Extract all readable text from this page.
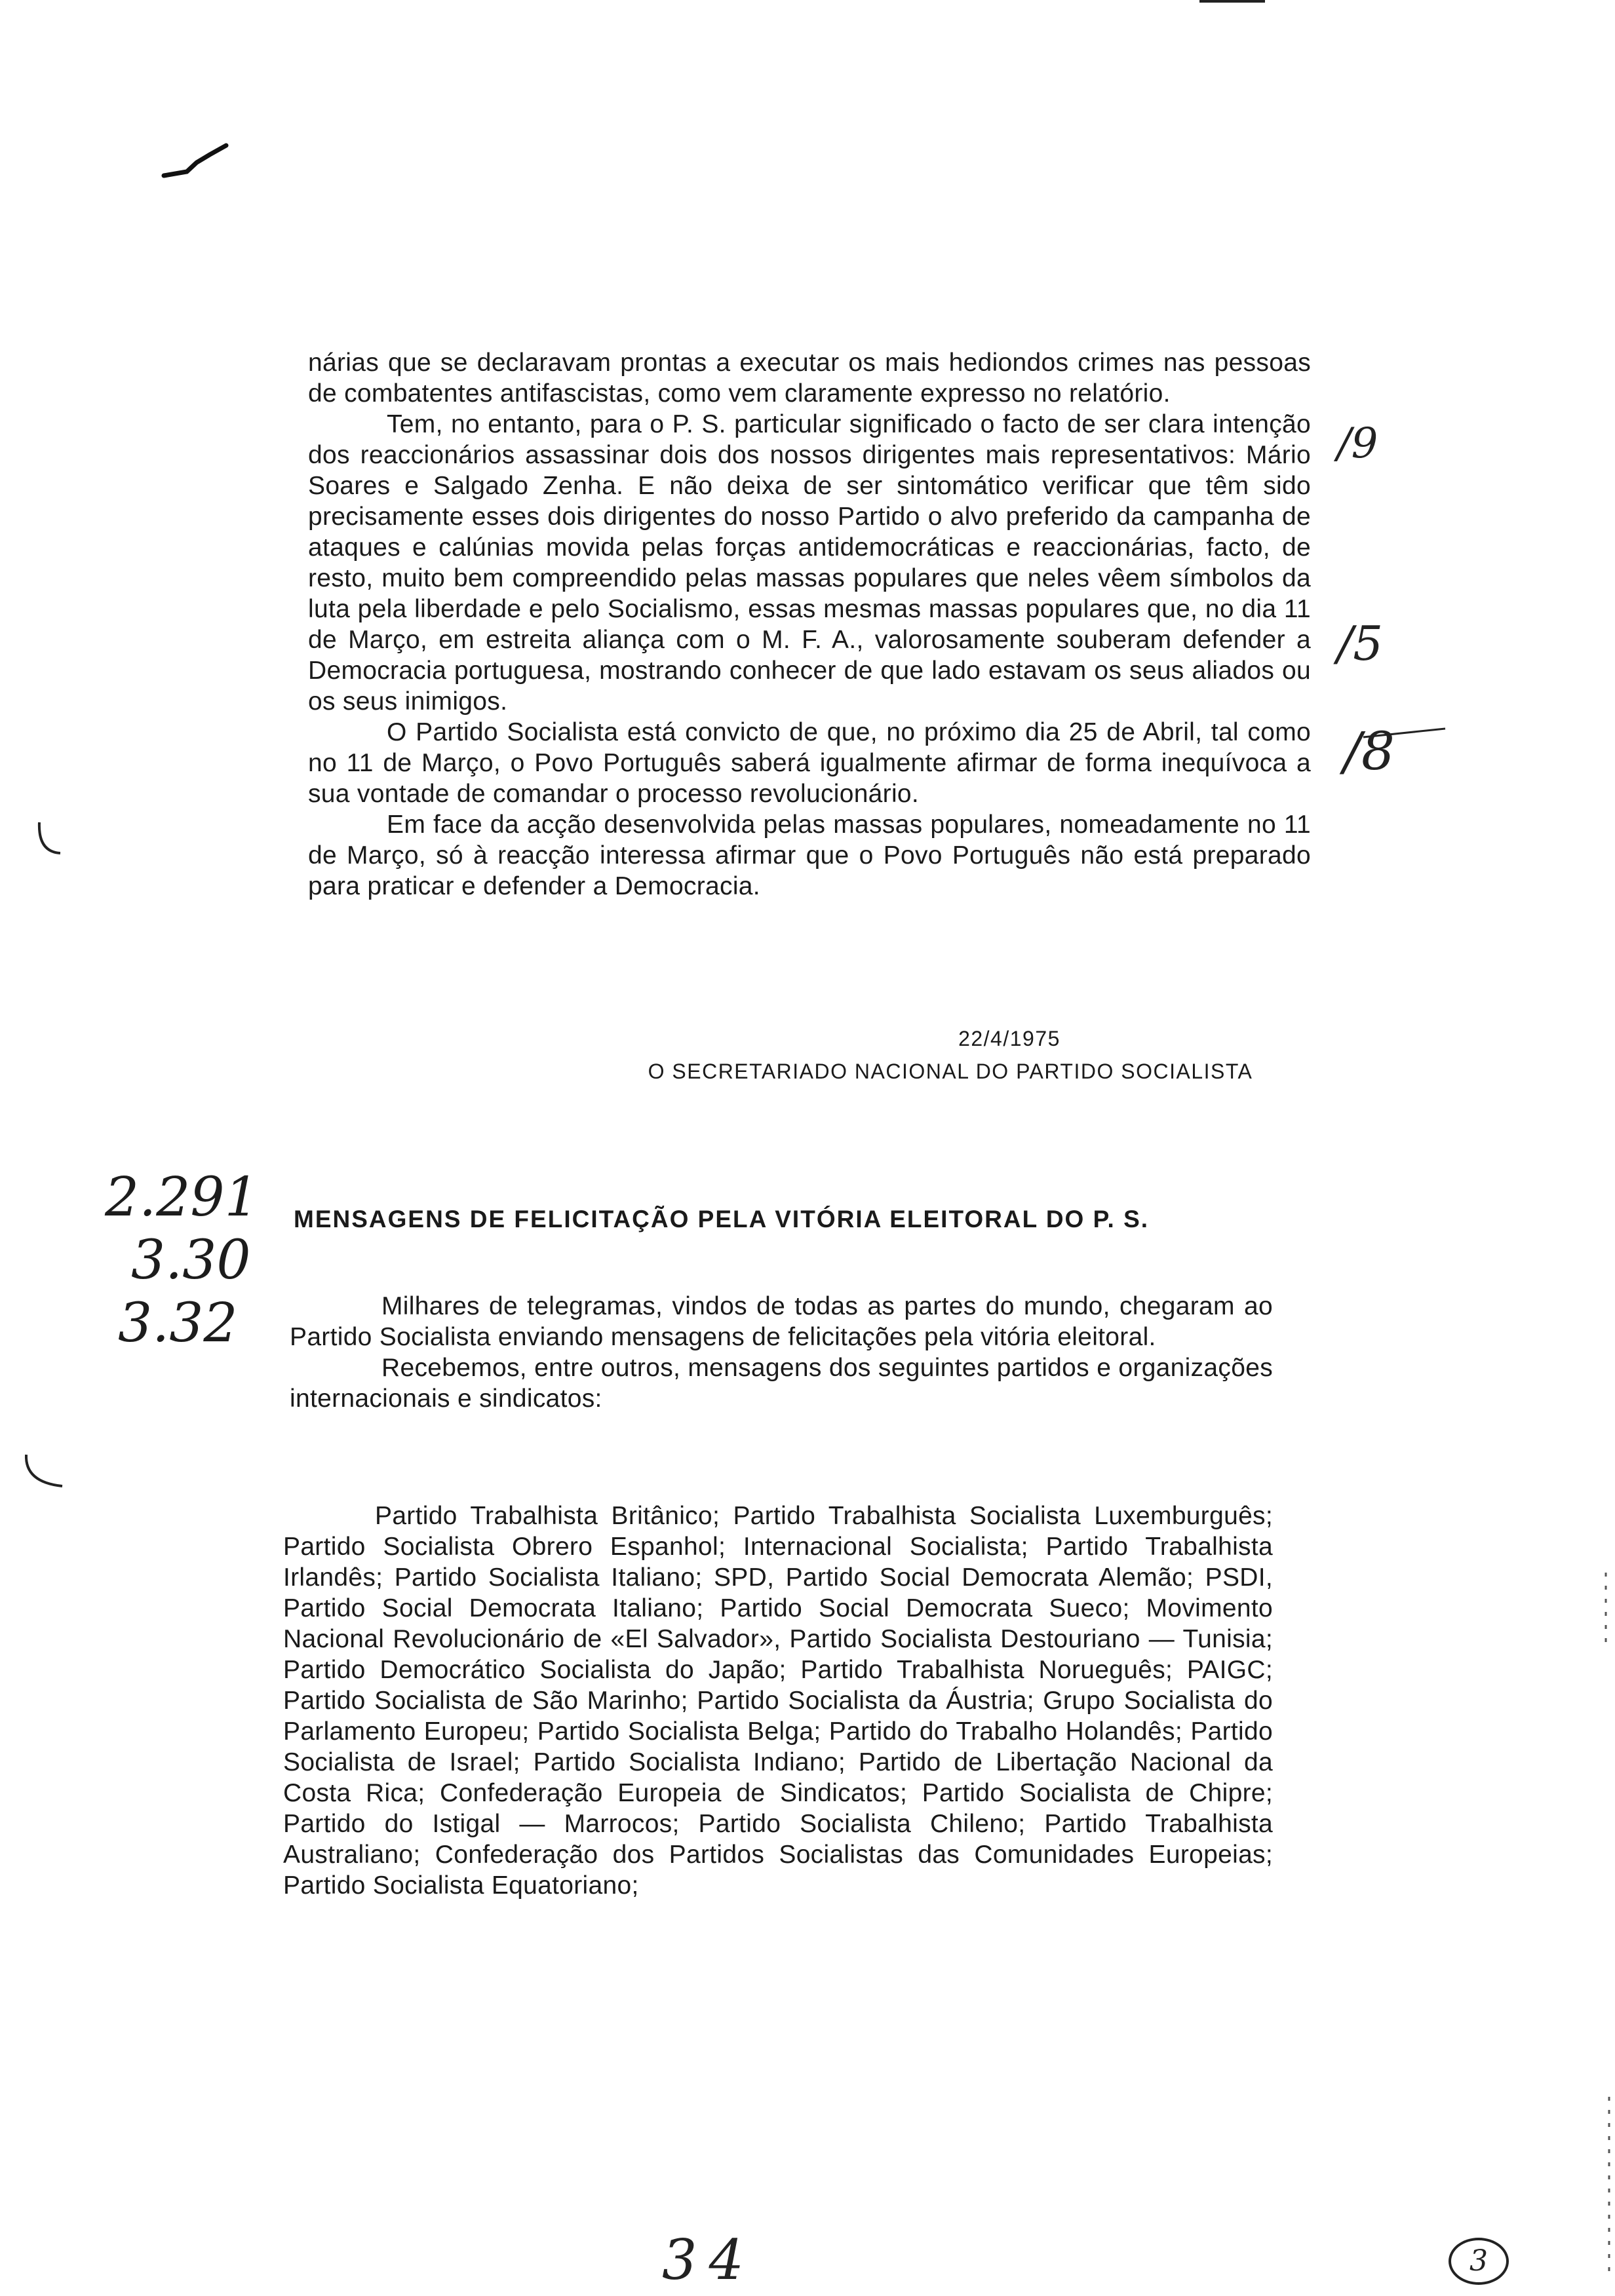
nárias que se declaravam prontas a executar os mais hediondos crimes nas pessoas de combatentes antifascistas, como vem claramente expresso no relatório.

Tem, no entanto, para o P. S. particular significado o facto de ser clara intenção dos reaccionários assassinar dois dos nossos dirigentes mais representativos: Mário Soares e Salgado Zenha. E não deixa de ser sintomático verificar que têm sido precisamente esses dois dirigentes do nosso Partido o alvo preferido da campanha de ataques e calúnias movida pelas forças antidemocráticas e reaccionárias, facto, de resto, muito bem compreendido pelas massas populares que neles vêem símbolos da luta pela liberdade e pelo Socialismo, essas mesmas massas populares que, no dia 11 de Março, em estreita aliança com o M. F. A., valorosamente souberam defender a Democracia portuguesa, mostrando conhecer de que lado estavam os seus aliados ou os seus inimigos.

O Partido Socialista está convicto de que, no próximo dia 25 de Abril, tal como no 11 de Março, o Povo Português saberá igualmente afirmar de forma inequívoca a sua vontade de comandar o processo revolucionário.

Em face da acção desenvolvida pelas massas populares, nomeadamente no 11 de Março, só à reacção interessa afirmar que o Povo Português não está preparado para praticar e defender a Democracia.

22/4/1975
O SECRETARIADO NACIONAL DO PARTIDO SOCIALISTA
MENSAGENS DE FELICITAÇÃO PELA VITÓRIA ELEITORAL DO P. S.

Milhares de telegramas, vindos de todas as partes do mundo, chegaram ao Partido Socialista enviando mensagens de felicitações pela vitória eleitoral.

Recebemos, entre outros, mensagens dos seguintes partidos e organizações internacionais e sindicatos:

Partido Trabalhista Britânico; Partido Trabalhista Socialista Luxemburguês; Partido Socialista Obrero Espanhol; Internacional Socialista; Partido Trabalhista Irlandês; Partido Socialista Italiano; SPD, Partido Social Democrata Alemão; PSDI, Partido Social Democrata Italiano; Partido Social Democrata Sueco; Movimento Nacional Revolucionário de «El Salvador», Partido Socialista Destouriano — Tunisia; Partido Democrático Socialista do Japão; Partido Trabalhista Norueguês; PAIGC; Partido Socialista de São Marinho; Partido Socialista da Áustria; Grupo Socialista do Parlamento Europeu; Partido Socialista Belga; Partido do Trabalho Holandês; Partido Socialista de Israel; Partido Socialista Indiano; Partido de Libertação Nacional da Costa Rica; Confederação Europeia de Sindicatos; Partido Socialista de Chipre; Partido do Istigal — Marrocos; Partido Socialista Chileno; Partido Trabalhista Australiano; Confederação dos Partidos Socialistas das Comunidades Europeias; Partido Socialista Equatoriano;

/9
/5
/8
2.291
3.30
3.32
34	3
